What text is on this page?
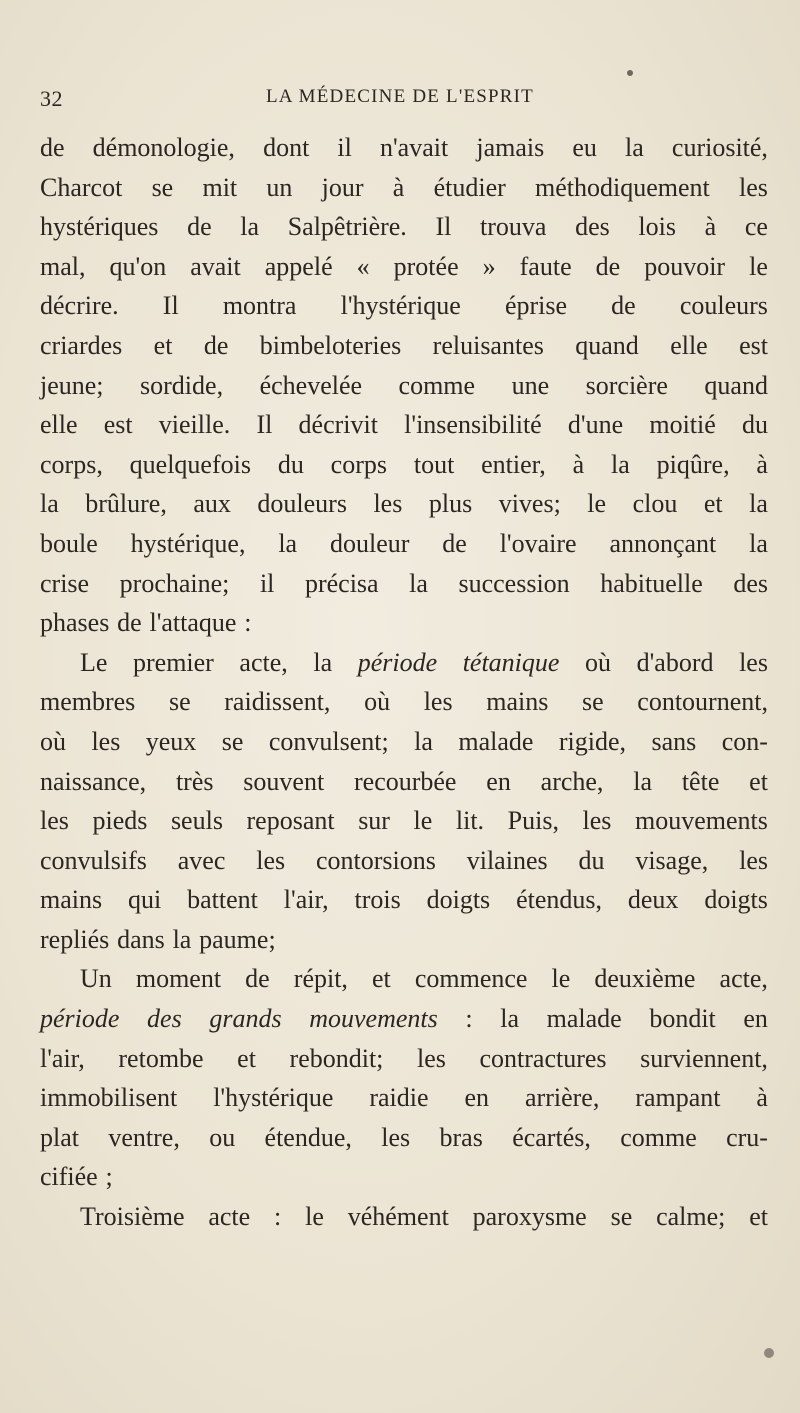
32	LA MÉDECINE DE L'ESPRIT
de démonologie, dont il n'avait jamais eu la curiosité,
Charcot se mit un jour à étudier méthodiquement les
hystériques de la Salpêtrière. Il trouva des lois à ce
mal, qu'on avait appelé « protée » faute de pouvoir le
décrire. Il montra l'hystérique éprise de couleurs
criardes et de bimbeloteries reluisantes quand elle est
jeune; sordide, échevelée comme une sorcière quand
elle est vieille. Il décrivit l'insensibilité d'une moitié du
corps, quelquefois du corps tout entier, à la piqûre, à
la brûlure, aux douleurs les plus vives; le clou et la
boule hystérique, la douleur de l'ovaire annonçant la
crise prochaine; il précisa la succession habituelle des
phases de l'attaque :
Le premier acte, la période tétanique où d'abord les
membres se raidissent, où les mains se contournent,
où les yeux se convulsent; la malade rigide, sans con-
naissance, très souvent recourbée en arche, la tête et
les pieds seuls reposant sur le lit. Puis, les mouvements
convulsifs avec les contorsions vilaines du visage, les
mains qui battent l'air, trois doigts étendus, deux doigts
repliés dans la paume;
Un moment de répit, et commence le deuxième acte,
période des grands mouvements : la malade bondit en
l'air, retombe et rebondit; les contractures surviennent,
immobilisent l'hystérique raidie en arrière, rampant à
plat ventre, ou étendue, les bras écartés, comme cru-
cifiée ;
Troisième acte : le véhément paroxysme se calme; et
